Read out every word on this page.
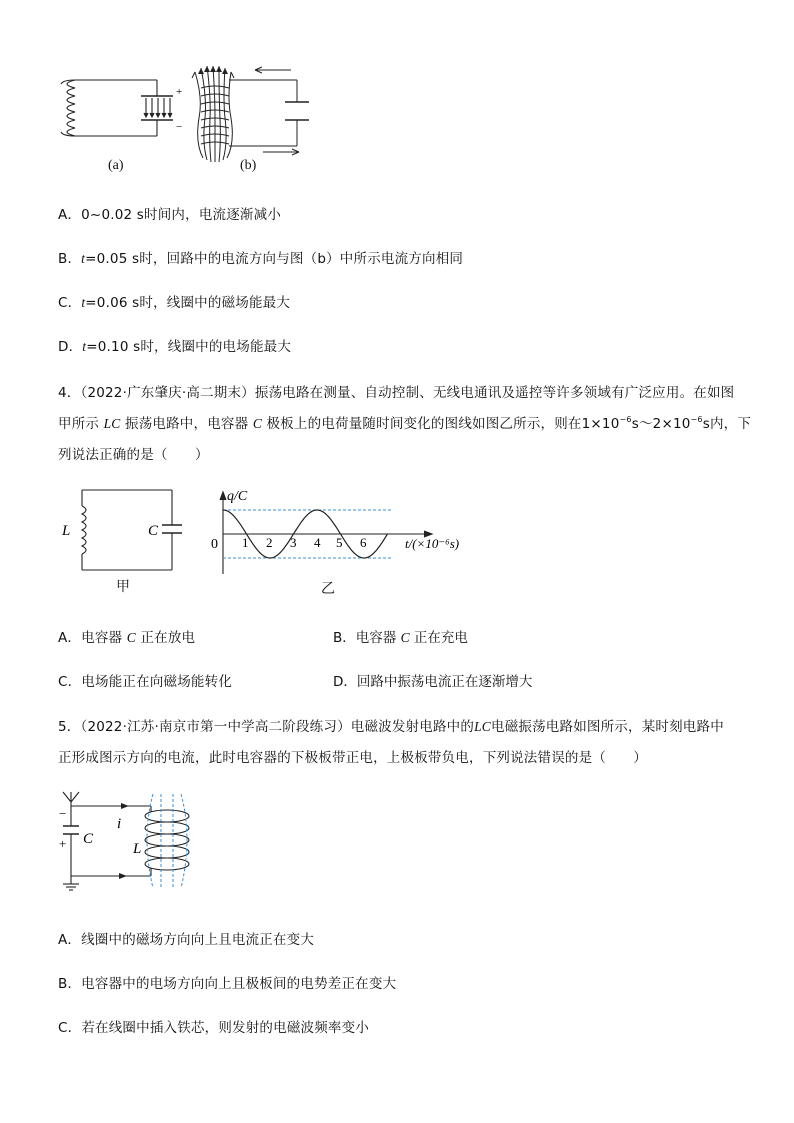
+
−
(a)	(b)
A．0~0.02 s时间内，电流逐渐减小
B．t=0.05 s时，回路中的电流方向与图（b）中所示电流方向相同
C．t=0.06 s时，线圈中的磁场能最大
D．t=0.10 s时，线圈中的电场能最大
4．（2022·广东肇庆·高二期末）振荡电路在测量、自动控制、无线电通讯及遥控等许多领域有广泛应用。在如图
甲所示 LC 振荡电路中，电容器 C 极板上的电荷量随时间变化的图线如图乙所示，则在$1\times 10^{-6}s\sim 2\times 10^{-6}s$内，下
列说法正确的是（　　）
L	C
甲
q/C
0 1 2 3 4 5 6	t/(×10⁻⁶s)
乙
A．电容器 C 正在放电	B．电容器 C 正在充电
C．电场能正在向磁场能转化	D．回路中振荡电流正在逐渐增大
5．（2022·江苏·南京市第一中学高二阶段练习）电磁波发射电路中的LC电磁振荡电路如图所示，某时刻电路中
正形成图示方向的电流，此时电容器的下极板带正电，上极板带负电，下列说法错误的是（　　）
i
−
+ C
L
A．线圈中的磁场方向向上且电流正在变大
B．电容器中的电场方向向上且极板间的电势差正在变大
C．若在线圈中插入铁芯，则发射的电磁波频率变小
